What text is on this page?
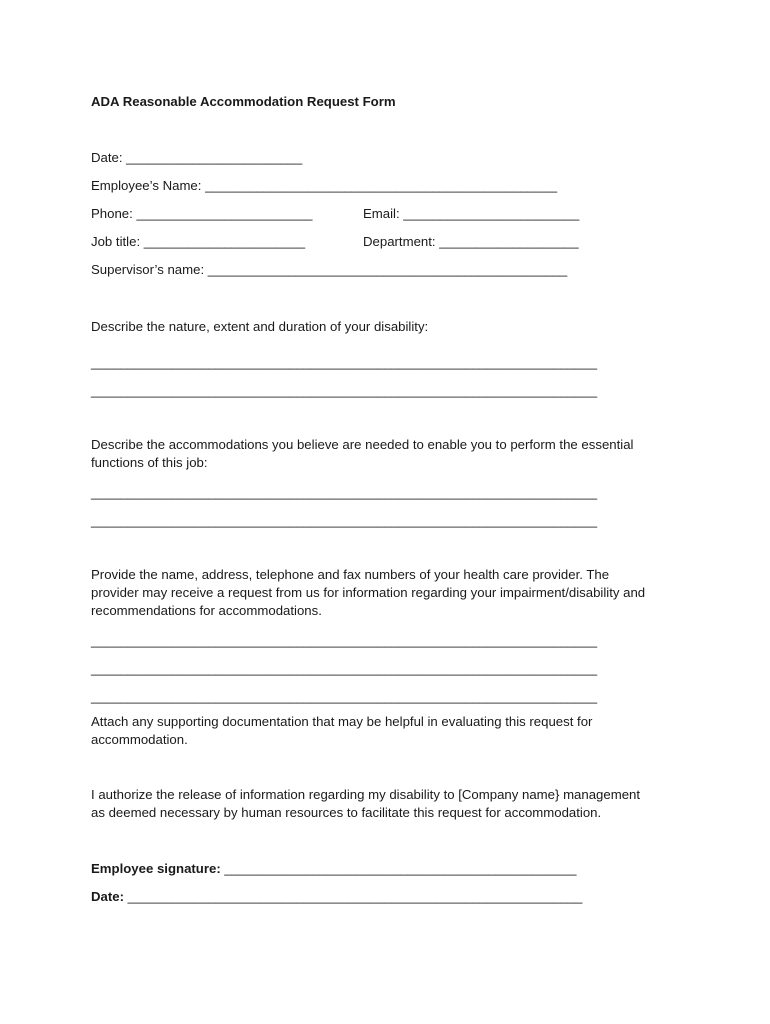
ADA Reasonable Accommodation Request Form
Date: ________________________
Employee’s Name: ________________________________________________
Phone: ________________________	Email: ________________________
Job title: ______________________	Department: ___________________
Supervisor’s name: _________________________________________________
Describe the nature, extent and duration of your disability:
_____________________________________________________________________
_____________________________________________________________________
Describe the accommodations you believe are needed to enable you to perform the essential
functions of this job:
_____________________________________________________________________
_____________________________________________________________________
Provide the name, address, telephone and fax numbers of your health care provider. The
provider may receive a request from us for information regarding your impairment/disability and
recommendations for accommodations.
_____________________________________________________________________
_____________________________________________________________________
_____________________________________________________________________
Attach any supporting documentation that may be helpful in evaluating this request for
accommodation.
I authorize the release of information regarding my disability to [Company name} management
as deemed necessary by human resources to facilitate this request for accommodation.
Employee signature: ________________________________________________
Date: ______________________________________________________________
